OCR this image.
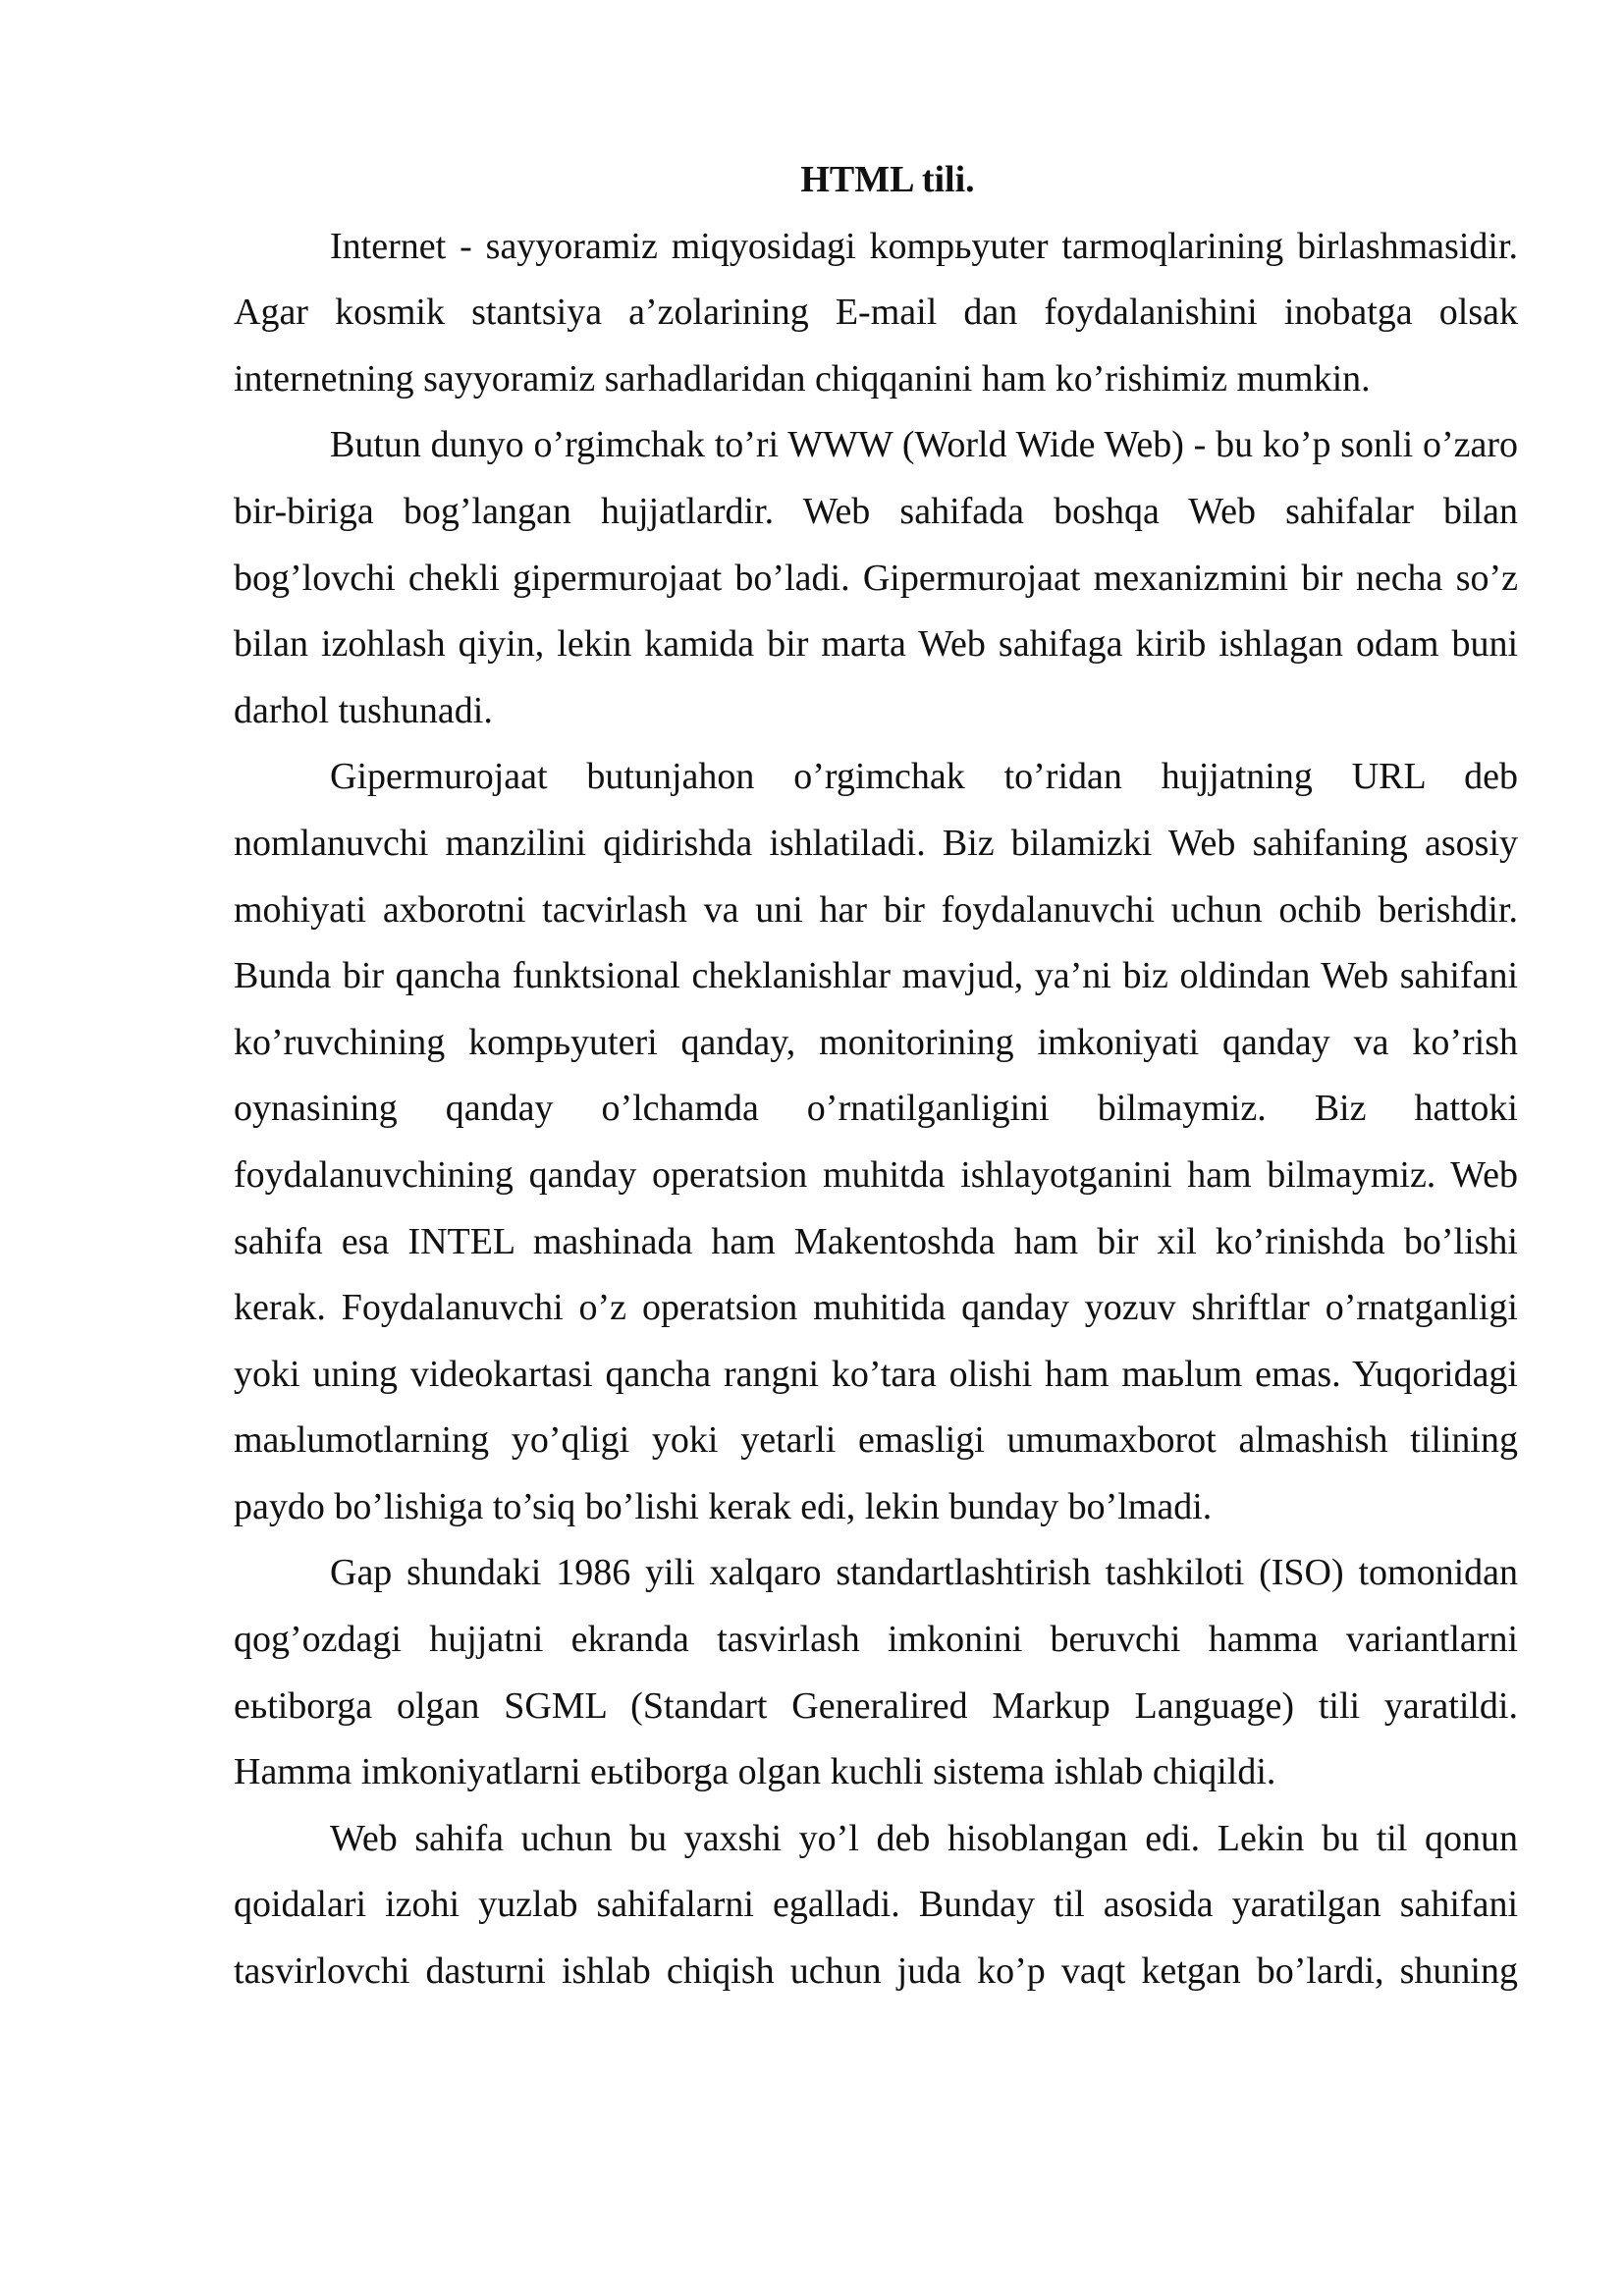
HTML tili.

Internet - sayyoramiz miqyosidagi kompьyuter tarmoqlarining birlashmasidir. Agar kosmik stantsiya a’zolarining E-mail dan foydalanishini inobatga olsak internetning sayyoramiz sarhadlaridan chiqqanini ham ko’rishimiz mumkin.

Butun dunyo o’rgimchak to’ri WWW (World Wide Web) - bu ko’p sonli o’zaro bir-biriga bog’langan hujjatlardir. Web sahifada boshqa Web sahifalar bilan bog’lovchi chekli gipermurojaat bo’ladi. Gipermurojaat mexanizmini bir necha so’z bilan izohlash qiyin, lekin kamida bir marta Web sahifaga kirib ishlagan odam buni darhol tushunadi.

Gipermurojaat butunjahon o’rgimchak to’ridan hujjatning URL deb nomlanuvchi manzilini qidirishda ishlatiladi. Biz bilamizki Web sahifaning asosiy mohiyati axborotni tacvirlash va uni har bir foydalanuvchi uchun ochib berishdir. Bunda bir qancha funktsional cheklanishlar mavjud, ya’ni biz oldindan Web sahifani ko’ruvchining kompьyuteri qanday, monitorining imkoniyati qanday va ko’rish oynasining qanday o’lchamda o’rnatilganligini bilmaymiz. Biz hattoki foydalanuvchining qanday operatsion muhitda ishlayotganini ham bilmaymiz. Web sahifa esa INTEL mashinada ham Makentoshda ham bir xil ko’rinishda bo’lishi kerak. Foydalanuvchi o’z operatsion muhitida qanday yozuv shriftlar o’rnatganligi yoki uning videokartasi qancha rangni ko’tara olishi ham maьlum emas. Yuqoridagi maьlumotlarning yo’qligi yoki yetarli emasligi umumaxborot almashish tilining paydo bo’lishiga to’siq bo’lishi kerak edi, lekin bunday bo’lmadi.

Gap shundaki 1986 yili xalqaro standartlashtirish tashkiloti (ISO) tomonidan qog’ozdagi hujjatni ekranda tasvirlash imkonini beruvchi hamma variantlarni eьtiborga olgan SGML (Standart Generalired Markup Language) tili yaratildi. Hamma imkoniyatlarni eьtiborga olgan kuchli sistema ishlab chiqildi.

Web sahifa uchun bu yaxshi yo’l deb hisoblangan edi. Lekin bu til qonun qoidalari izohi yuzlab sahifalarni egalladi. Bunday til asosida yaratilgan sahifani tasvirlovchi dasturni ishlab chiqish uchun juda ko’p vaqt ketgan bo’lardi, shuning
